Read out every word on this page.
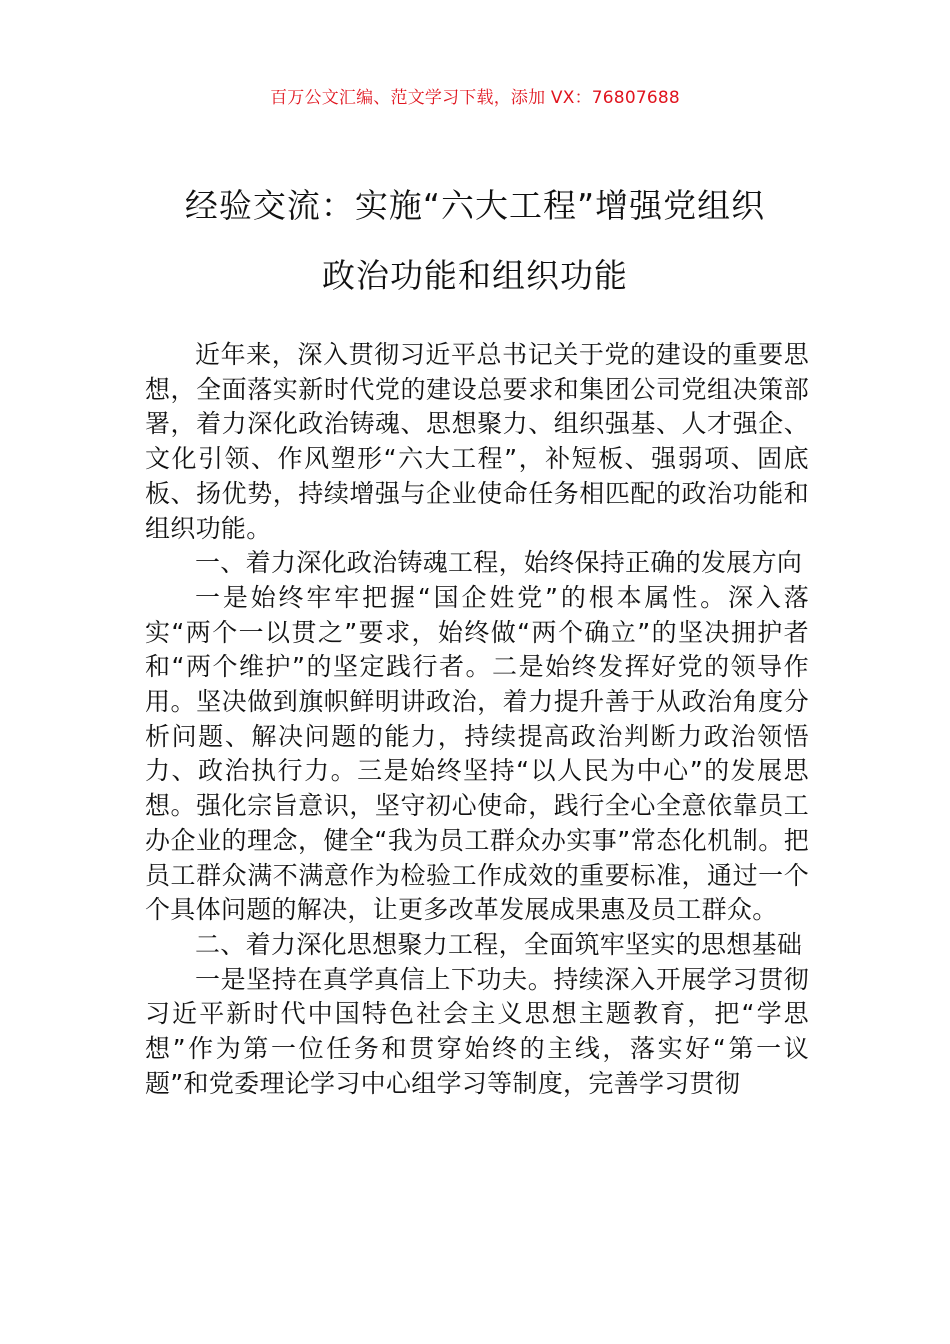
百万公文汇编、范文学习下载，添加 VX：76807688
经验交流：实施“六大工程”增强党组织
政治功能和组织功能

近年来，深入贯彻习近平总书记关于党的建设的重要思想，全面落实新时代党的建设总要求和集团公司党组决策部署，着力深化政治铸魂、思想聚力、组织强基、人才强企、文化引领、作风塑形“六大工程”，补短板、强弱项、固底板、扬优势，持续增强与企业使命任务相匹配的政治功能和组织功能。

一、着力深化政治铸魂工程，始终保持正确的发展方向

一是始终牢牢把握“国企姓党”的根本属性。深入落实“两个一以贯之”要求，始终做“两个确立”的坚决拥护者和“两个维护”的坚定践行者。二是始终发挥好党的领导作用。坚决做到旗帜鲜明讲政治，着力提升善于从政治角度分析问题、解决问题的能力，持续提高政治判断力政治领悟力、政治执行力。三是始终坚持“以人民为中心”的发展思想。强化宗旨意识，坚守初心使命，践行全心全意依靠员工办企业的理念，健全“我为员工群众办实事”常态化机制。把员工群众满不满意作为检验工作成效的重要标准，通过一个个具体问题的解决，让更多改革发展成果惠及员工群众。

二、着力深化思想聚力工程，全面筑牢坚实的思想基础

一是坚持在真学真信上下功夫。持续深入开展学习贯彻习近平新时代中国特色社会主义思想主题教育，把“学思想”作为第一位任务和贯穿始终的主线，落实好“第一议题”和党委理论学习中心组学习等制度，完善学习贯彻
